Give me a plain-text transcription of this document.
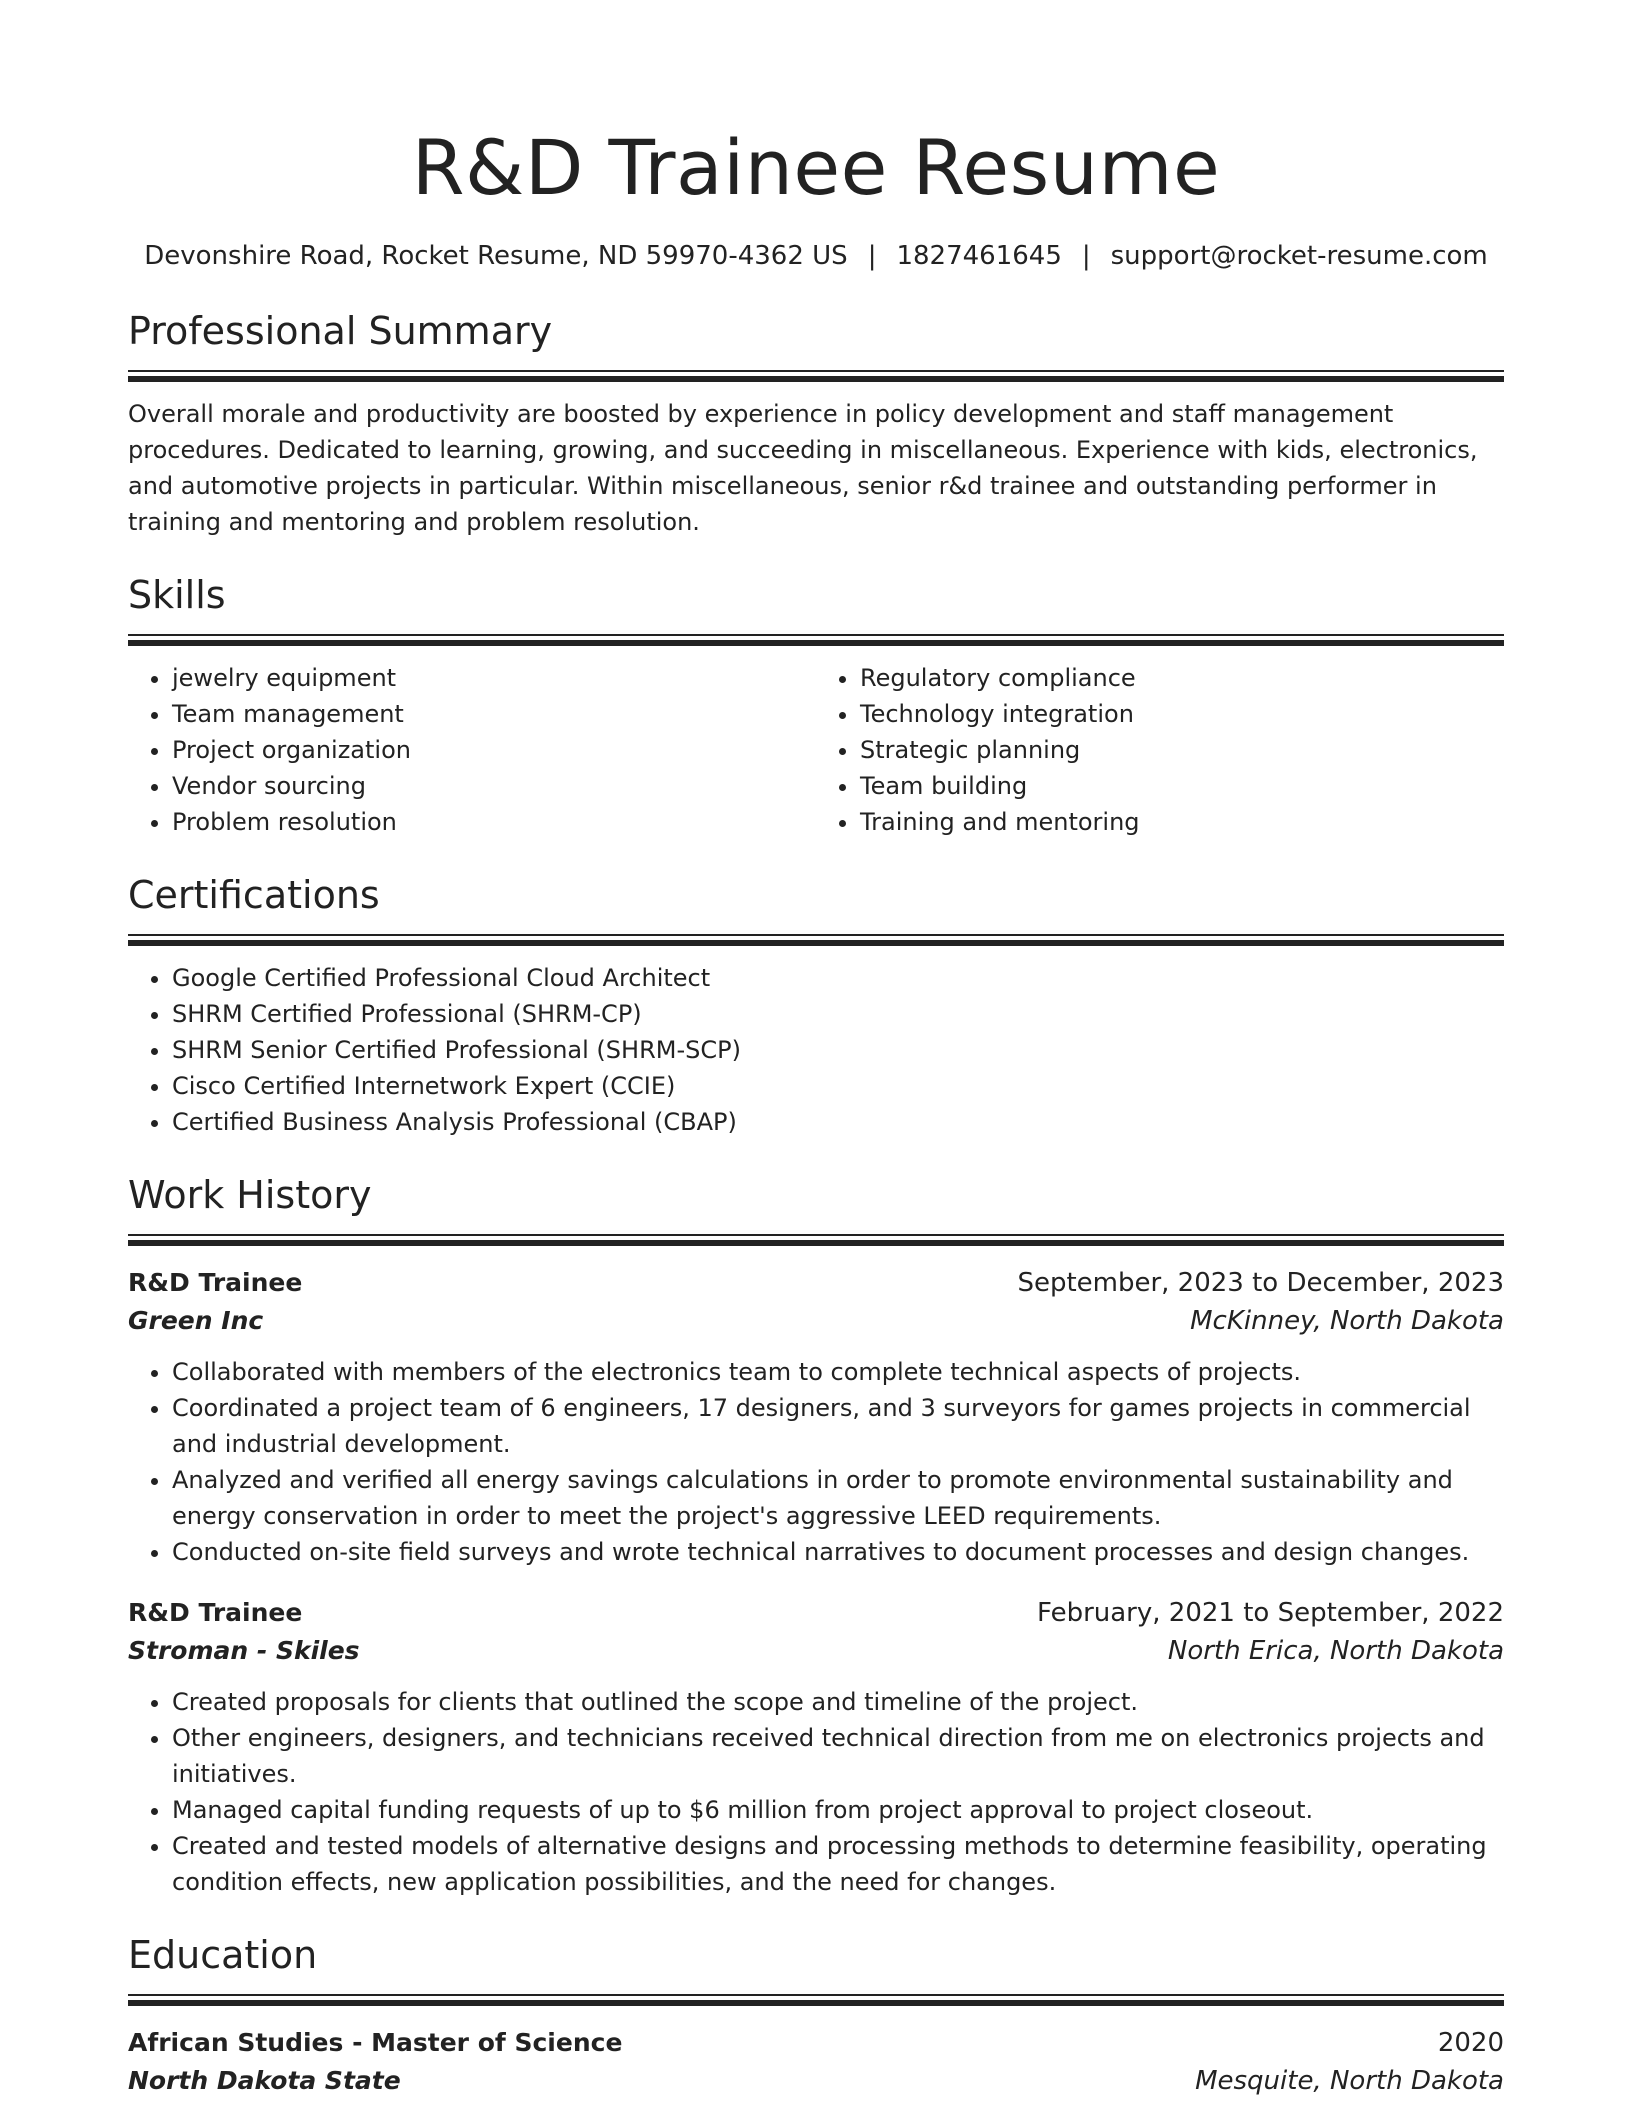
R&D Trainee Resume
Devonshire Road, Rocket Resume, ND 59970-4362 US | 1827461645 | support@rocket-resume.com
Professional Summary

Overall morale and productivity are boosted by experience in policy development and staff management procedures. Dedicated to learning, growing, and succeeding in miscellaneous. Experience with kids, electronics, and automotive projects in particular. Within miscellaneous, senior r&d trainee and outstanding performer in training and mentoring and problem resolution.

Skills
• jewelry equipment
• Team management
• Project organization
• Vendor sourcing
• Problem resolution
• Regulatory compliance
• Technology integration
• Strategic planning
• Team building
• Training and mentoring
Certifications
• Google Certified Professional Cloud Architect
• SHRM Certified Professional (SHRM-CP)
• SHRM Senior Certified Professional (SHRM-SCP)
• Cisco Certified Internetwork Expert (CCIE)
• Certified Business Analysis Professional (CBAP)
Work History
R&D Trainee	September, 2023 to December, 2023
Green Inc	McKinney, North Dakota
• Collaborated with members of the electronics team to complete technical aspects of projects.
• Coordinated a project team of 6 engineers, 17 designers, and 3 surveyors for games projects in commercial and industrial development.
• Analyzed and verified all energy savings calculations in order to promote environmental sustainability and energy conservation in order to meet the project's aggressive LEED requirements.
• Conducted on-site field surveys and wrote technical narratives to document processes and design changes.
R&D Trainee	February, 2021 to September, 2022
Stroman - Skiles	North Erica, North Dakota
• Created proposals for clients that outlined the scope and timeline of the project.
• Other engineers, designers, and technicians received technical direction from me on electronics projects and initiatives.
• Managed capital funding requests of up to $6 million from project approval to project closeout.
• Created and tested models of alternative designs and processing methods to determine feasibility, operating condition effects, new application possibilities, and the need for changes.
Education
African Studies - Master of Science	2020
North Dakota State	Mesquite, North Dakota
